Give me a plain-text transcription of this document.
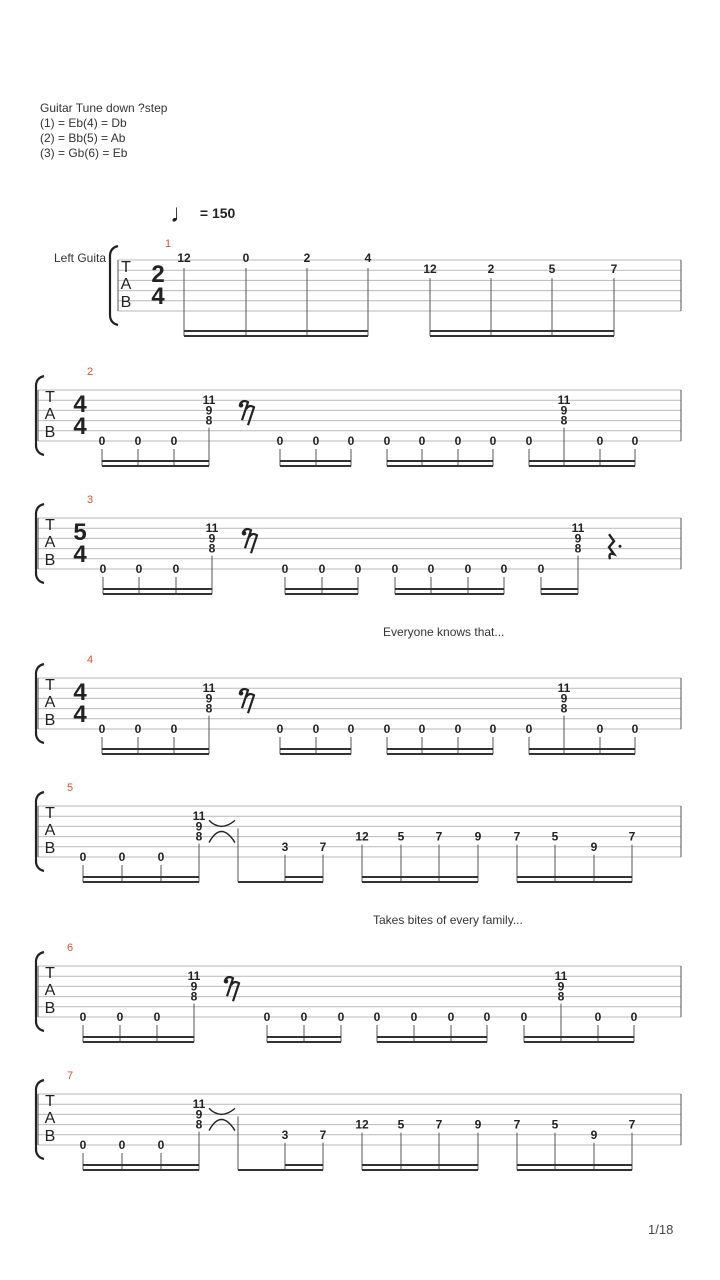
Guitar Tune down ?step
(1) = Eb(4) = Db
(2) = Bb(5) = Ab
(3) = Gb(6) = Eb
♩ = 150
Everyone knows that...
Takes bites of every family...
1/18
T
A
B
1
2
4
Left Guita	12	0	2	4
12	2	5	7
T
A
B
2
4
4
0 0 0
11
9
8
0 0 0 0 0 0 0 0
11
9
8
0 0
T
A
B
3
5
4
0 0	0
11
9
8
0	0 0	0 0	0 0	0
11
9
8
T
A
B
4
4
4
0 0 0
11
9
8
0 0 0 0 0 0 0 0
11
9
8
0 0
T
A
B
5
0	0	0
11
9
8
3	7
12 5	7	9	7	5
9
7
T
A
B
6
0	0	0
11
9
8
0	0	0 0	0	0 0	0
11
9
8
0 0
T
A
B
7
0	0	0
11
9
8
3	7
12 5	7	9	7	5
9
7
